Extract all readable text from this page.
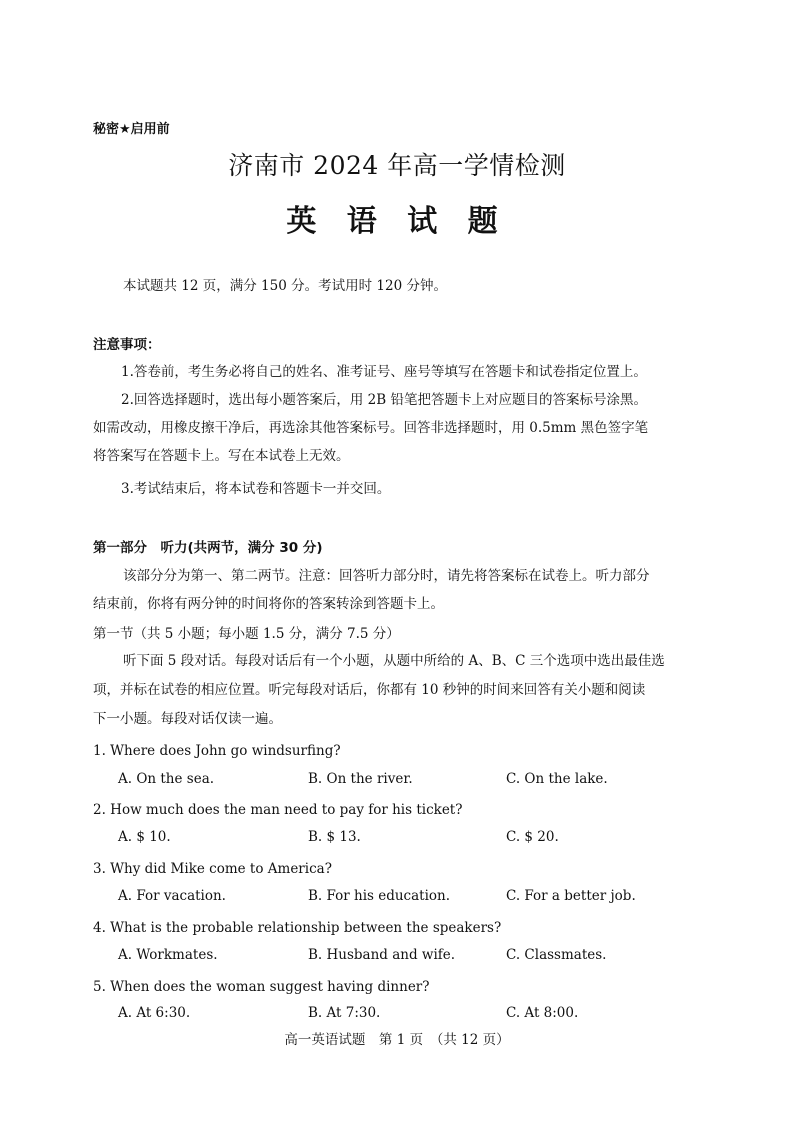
秘密★启用前
济南市 2024 年高一学情检测
英 语 试 题
本试题共 12 页，满分 150 分。考试用时 120 分钟。
注意事项：
1.答卷前，考生务必将自己的姓名、准考证号、座号等填写在答题卡和试卷指定位置上。
2.回答选择题时，选出每小题答案后，用 2B 铅笔把答题卡上对应题目的答案标号涂黑。
如需改动，用橡皮擦干净后，再选涂其他答案标号。回答非选择题时，用 0.5mm 黑色签字笔
将答案写在答题卡上。写在本试卷上无效。
3.考试结束后，将本试卷和答题卡一并交回。
第一部分　听力(共两节，满分 30 分)
该部分分为第一、第二两节。注意：回答听力部分时，请先将答案标在试卷上。听力部分
结束前，你将有两分钟的时间将你的答案转涂到答题卡上。
第一节（共 5 小题；每小题 1.5 分，满分 7.5 分）
听下面 5 段对话。每段对话后有一个小题，从题中所给的 A、B、C 三个选项中选出最佳选
项，并标在试卷的相应位置。听完每段对话后，你都有 10 秒钟的时间来回答有关小题和阅读
下一小题。每段对话仅读一遍。
1. Where does John go windsurfing?
A. On the sea.	B. On the river.	C. On the lake.
2. How much does the man need to pay for his ticket?
A. $ 10.	B. $ 13.	C. $ 20.
3. Why did Mike come to America?
A. For vacation.	B. For his education.	C. For a better job.
4. What is the probable relationship between the speakers?
A. Workmates.	B. Husband and wife.	C. Classmates.
5. When does the woman suggest having dinner?
A. At 6:30.	B. At 7:30.	C. At 8:00.
高一英语试题　第 1 页　（共 12 页）
